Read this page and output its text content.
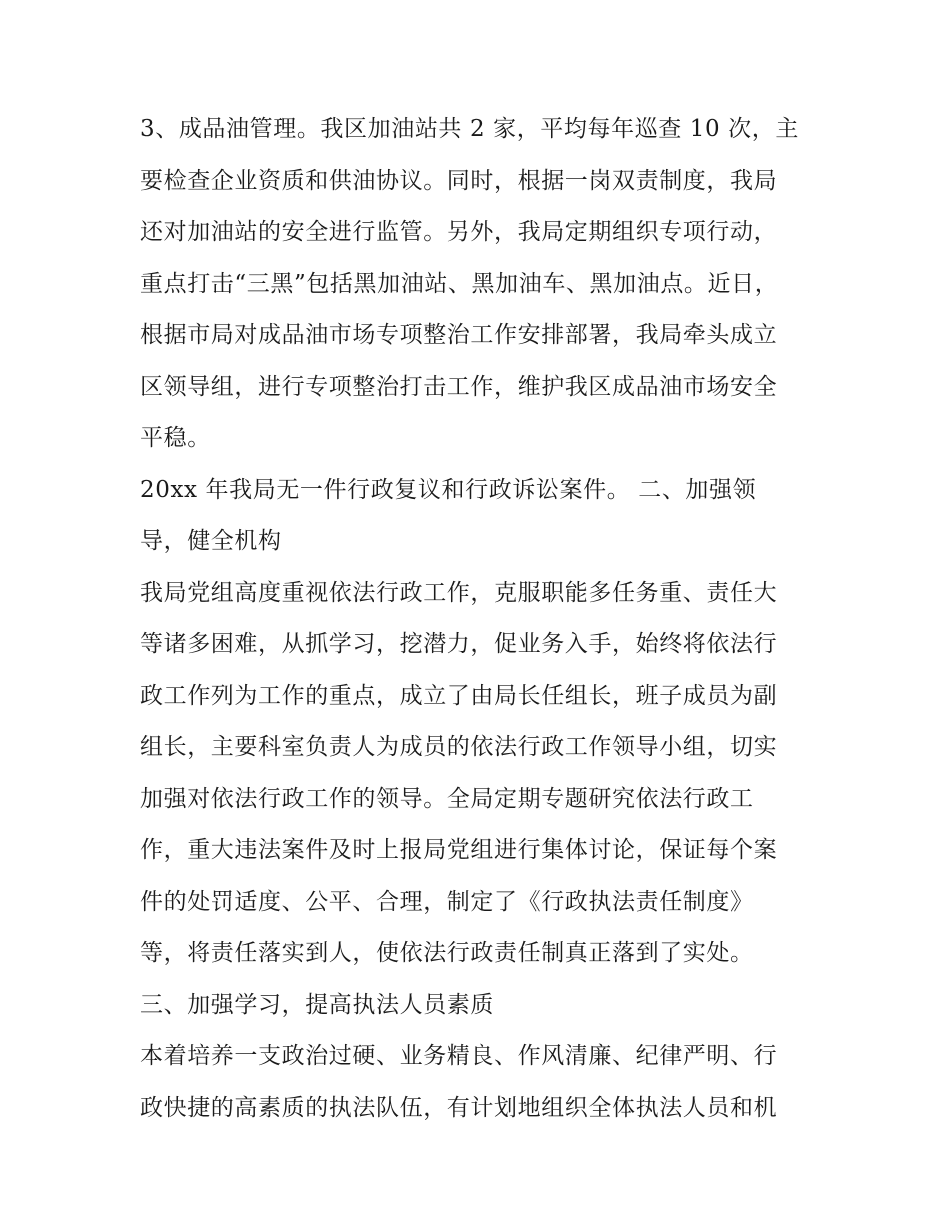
3、成品油管理。我区加油站共 2 家，平均每年巡查 10 次，主
要检查企业资质和供油协议。同时，根据一岗双责制度，我局
还对加油站的安全进行监管。另外，我局定期组织专项行动，
重点打击“三黑”包括黑加油站、黑加油车、黑加油点。近日，
根据市局对成品油市场专项整治工作安排部署，我局牵头成立
区领导组，进行专项整治打击工作，维护我区成品油市场安全
平稳。
20xx 年我局无一件行政复议和行政诉讼案件。 二、加强领
导，健全机构
我局党组高度重视依法行政工作，克服职能多任务重、责任大
等诸多困难，从抓学习，挖潜力，促业务入手，始终将依法行
政工作列为工作的重点，成立了由局长任组长，班子成员为副
组长，主要科室负责人为成员的依法行政工作领导小组，切实
加强对依法行政工作的领导。全局定期专题研究依法行政工
作，重大违法案件及时上报局党组进行集体讨论，保证每个案
件的处罚适度、公平、合理，制定了《行政执法责任制度》
等，将责任落实到人，使依法行政责任制真正落到了实处。
三、加强学习，提高执法人员素质
本着培养一支政治过硬、业务精良、作风清廉、纪律严明、行
政快捷的高素质的执法队伍，有计划地组织全体执法人员和机
